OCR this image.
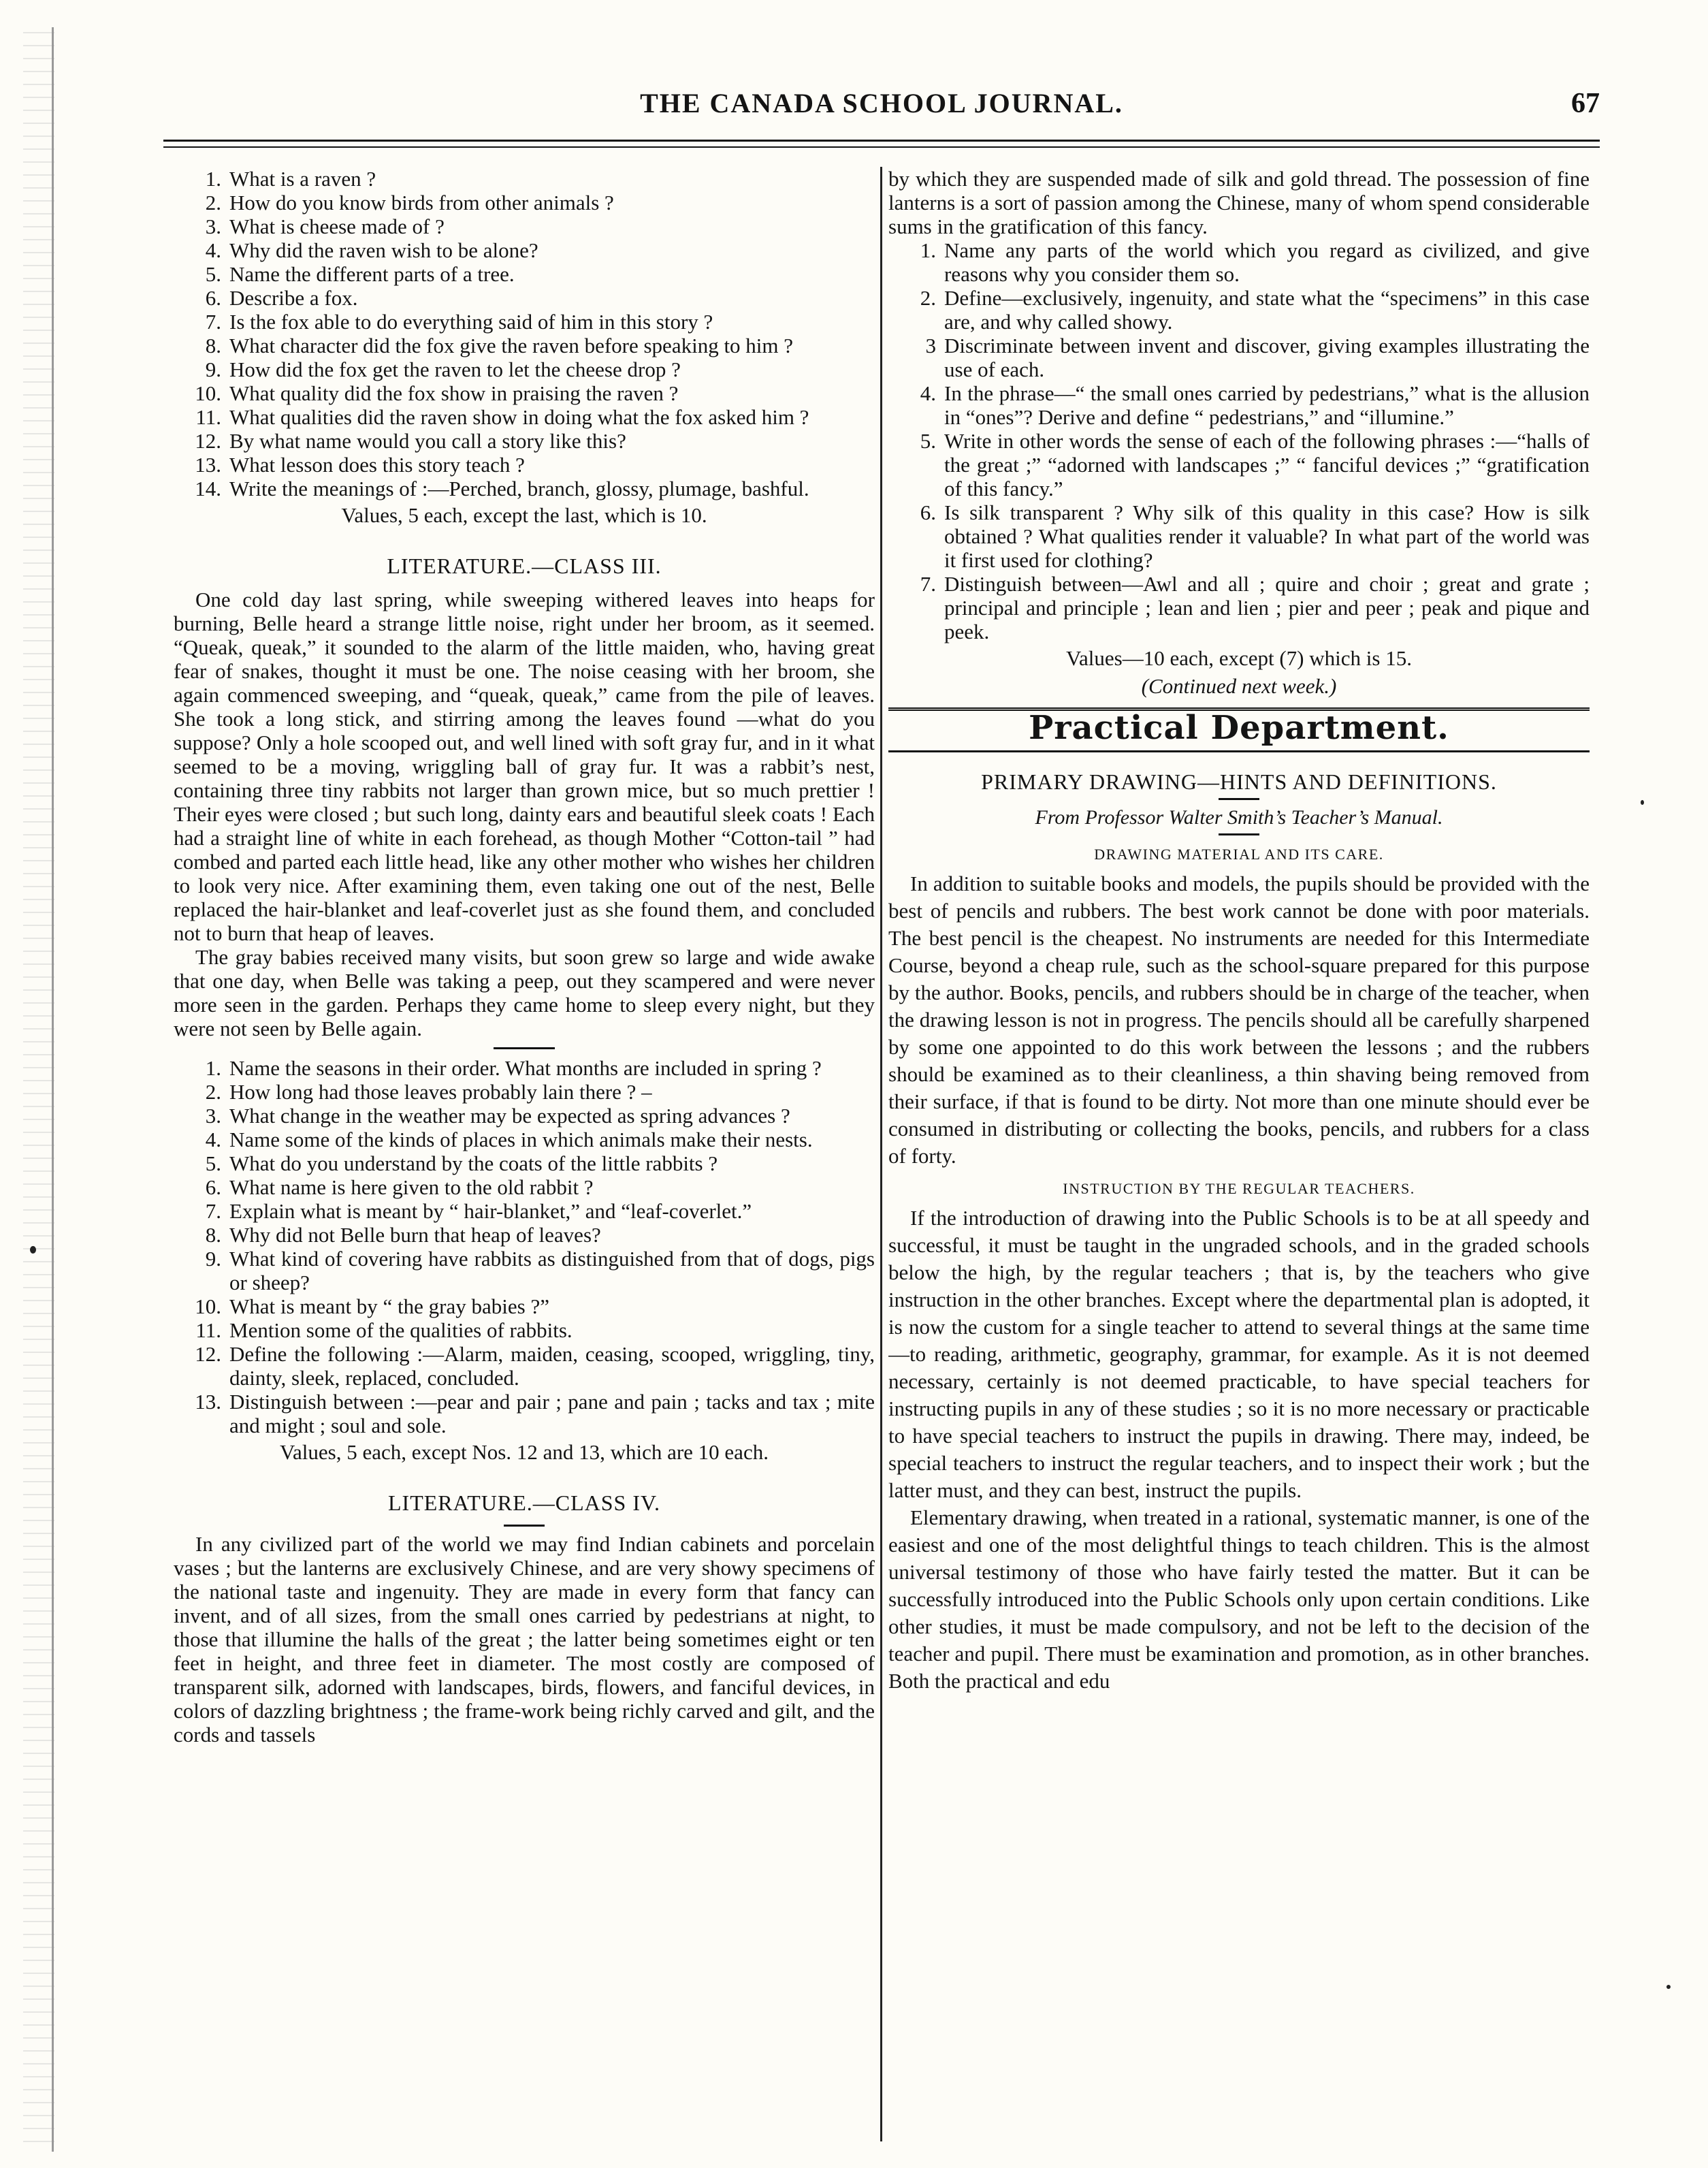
THE CANADA SCHOOL JOURNAL.	67
1. What is a raven ?
2. How do you know birds from other animals ?
3. What is cheese made of ?
4. Why did the raven wish to be alone?
5. Name the different parts of a tree.
6. Describe a fox.
7. Is the fox able to do everything said of him in this story ?
8. What character did the fox give the raven before speaking to him ?
9. How did the fox get the raven to let the cheese drop ?
10. What quality did the fox show in praising the raven ?
11. What qualities did the raven show in doing what the fox asked him ?
12. By what name would you call a story like this?
13. What lesson does this story teach ?
14. Write the meanings of :—Perched, branch, glossy, plumage, bashful.
Values, 5 each, except the last, which is 10.
LITERATURE.—CLASS III.

One cold day last spring, while sweeping withered leaves into heaps for burning, Belle heard a strange little noise, right under her broom, as it seemed. “Queak, queak,” it sounded to the alarm of the little maiden, who, having great fear of snakes, thought it must be one. The noise ceasing with her broom, she again commenced sweeping, and “queak, queak,” came from the pile of leaves. She took a long stick, and stirring among the leaves found —what do you suppose? Only a hole scooped out, and well lined with soft gray fur, and in it what seemed to be a moving, wriggling ball of gray fur. It was a rabbit’s nest, containing three tiny rabbits not larger than grown mice, but so much prettier ! Their eyes were closed ; but such long, dainty ears and beautiful sleek coats ! Each had a straight line of white in each forehead, as though Mother “Cotton-tail ” had combed and parted each little head, like any other mother who wishes her children to look very nice. After examining them, even taking one out of the nest, Belle replaced the hair-blanket and leaf-coverlet just as she found them, and concluded not to burn that heap of leaves.

The gray babies received many visits, but soon grew so large and wide awake that one day, when Belle was taking a peep, out they scampered and were never more seen in the garden. Perhaps they came home to sleep every night, but they were not seen by Belle again.

1. Name the seasons in their order. What months are included in spring ?
2. How long had those leaves probably lain there ? –
3. What change in the weather may be expected as spring advances ?
4. Name some of the kinds of places in which animals make their nests.
5. What do you understand by the coats of the little rabbits ?
6. What name is here given to the old rabbit ?
7. Explain what is meant by “ hair-blanket,” and “leaf-coverlet.”
8. Why did not Belle burn that heap of leaves?
9. What kind of covering have rabbits as distinguished from that of dogs, pigs or sheep?
10. What is meant by “ the gray babies ?”
11. Mention some of the qualities of rabbits.
12. Define the following :—Alarm, maiden, ceasing, scooped, wriggling, tiny, dainty, sleek, replaced, concluded.
13. Distinguish between :—pear and pair ; pane and pain ; tacks and tax ; mite and might ; soul and sole.
Values, 5 each, except Nos. 12 and 13, which are 10 each.
LITERATURE.—CLASS IV.

In any civilized part of the world we may find Indian cabinets and porcelain vases ; but the lanterns are exclusively Chinese, and are very showy specimens of the national taste and ingenuity. They are made in every form that fancy can invent, and of all sizes, from the small ones carried by pedestrians at night, to those that illumine the halls of the great ; the latter being sometimes eight or ten feet in height, and three feet in diameter. The most costly are composed of transparent silk, adorned with landscapes, birds, flowers, and fanciful devices, in colors of dazzling brightness ; the frame-work being richly carved and gilt, and the cords and tassels

by which they are suspended made of silk and gold thread. The possession of fine lanterns is a sort of passion among the Chinese, many of whom spend considerable sums in the gratification of this fancy.

1. Name any parts of the world which you regard as civilized, and give reasons why you consider them so.
2. Define—exclusively, ingenuity, and state what the “specimens” in this case are, and why called showy.
3 Discriminate between invent and discover, giving examples illustrating the use of each.
4. In the phrase—“ the small ones carried by pedestrians,” what is the allusion in “ones”? Derive and define “ pedestrians,” and “illumine.”
5. Write in other words the sense of each of the following phrases :—“halls of the great ;” “adorned with landscapes ;” “ fanciful devices ;” “gratification of this fancy.”
6. Is silk transparent ? Why silk of this quality in this case? How is silk obtained ? What qualities render it valuable? In what part of the world was it first used for clothing?
7. Distinguish between—Awl and all ; quire and choir ; great and grate ; principal and principle ; lean and lien ; pier and peer ; peak and pique and peek.
Values—10 each, except (7) which is 15.
(Continued next week.)
Practical Department.
PRIMARY DRAWING—HINTS AND DEFINITIONS.
From Professor Walter Smith’s Teacher’s Manual.
DRAWING MATERIAL AND ITS CARE.

In addition to suitable books and models, the pupils should be provided with the best of pencils and rubbers. The best work cannot be done with poor materials. The best pencil is the cheapest. No instruments are needed for this Intermediate Course, beyond a cheap rule, such as the school-square prepared for this purpose by the author. Books, pencils, and rubbers should be in charge of the teacher, when the drawing lesson is not in progress. The pencils should all be carefully sharpened by some one appointed to do this work between the lessons ; and the rubbers should be examined as to their cleanliness, a thin shaving being removed from their surface, if that is found to be dirty. Not more than one minute should ever be consumed in distributing or collecting the books, pencils, and rubbers for a class of forty.

INSTRUCTION BY THE REGULAR TEACHERS.

If the introduction of drawing into the Public Schools is to be at all speedy and successful, it must be taught in the ungraded schools, and in the graded schools below the high, by the regular teachers ; that is, by the teachers who give instruction in the other branches. Except where the departmental plan is adopted, it is now the custom for a single teacher to attend to several things at the same time—to reading, arithmetic, geography, grammar, for example. As it is not deemed necessary, certainly is not deemed practicable, to have special teachers for instructing pupils in any of these studies ; so it is no more necessary or practicable to have special teachers to instruct the pupils in drawing. There may, indeed, be special teachers to instruct the regular teachers, and to inspect their work ; but the latter must, and they can best, instruct the pupils.

Elementary drawing, when treated in a rational, systematic manner, is one of the easiest and one of the most delightful things to teach children. This is the almost universal testimony of those who have fairly tested the matter. But it can be successfully introduced into the Public Schools only upon certain conditions. Like other studies, it must be made compulsory, and not be left to the decision of the teacher and pupil. There must be examination and promotion, as in other branches. Both the practical and edu
